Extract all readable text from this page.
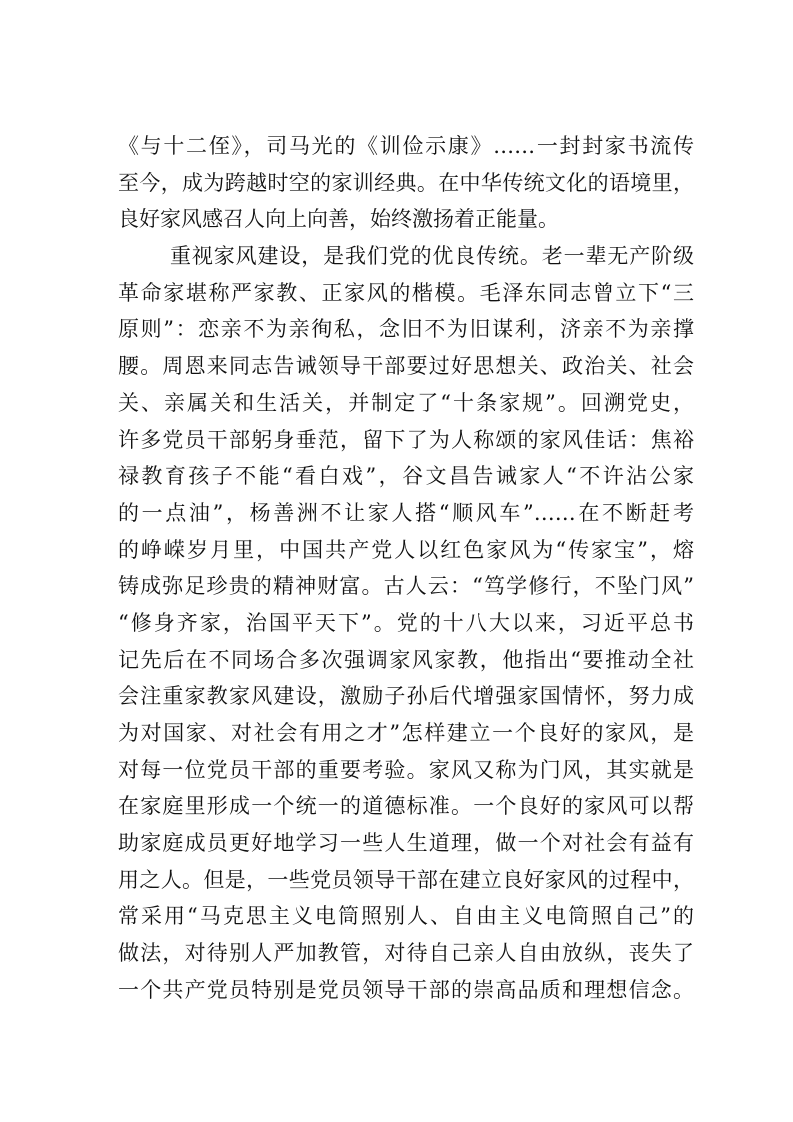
《与十二侄》，司马光的《训俭示康》……一封封家书流传
至今，成为跨越时空的家训经典。在中华传统文化的语境里，
良好家风感召人向上向善，始终激扬着正能量。
重视家风建设，是我们党的优良传统。老一辈无产阶级
革命家堪称严家教、正家风的楷模。毛泽东同志曾立下“三
原则”：恋亲不为亲徇私，念旧不为旧谋利，济亲不为亲撑
腰。周恩来同志告诫领导干部要过好思想关、政治关、社会
关、亲属关和生活关，并制定了“十条家规”。回溯党史，
许多党员干部躬身垂范，留下了为人称颂的家风佳话：焦裕
禄教育孩子不能“看白戏”，谷文昌告诫家人“不许沾公家
的一点油”，杨善洲不让家人搭“顺风车”……在不断赶考
的峥嵘岁月里，中国共产党人以红色家风为“传家宝”，熔
铸成弥足珍贵的精神财富。古人云：“笃学修行，不坠门风”
“修身齐家，治国平天下”。党的十八大以来，习近平总书
记先后在不同场合多次强调家风家教，他指出“要推动全社
会注重家教家风建设，激励子孙后代增强家国情怀，努力成
为对国家、对社会有用之才”怎样建立一个良好的家风，是
对每一位党员干部的重要考验。家风又称为门风，其实就是
在家庭里形成一个统一的道德标准。一个良好的家风可以帮
助家庭成员更好地学习一些人生道理，做一个对社会有益有
用之人。但是，一些党员领导干部在建立良好家风的过程中，
常采用“马克思主义电筒照别人、自由主义电筒照自己”的
做法，对待别人严加教管，对待自己亲人自由放纵，丧失了
一个共产党员特别是党员领导干部的崇高品质和理想信念。
